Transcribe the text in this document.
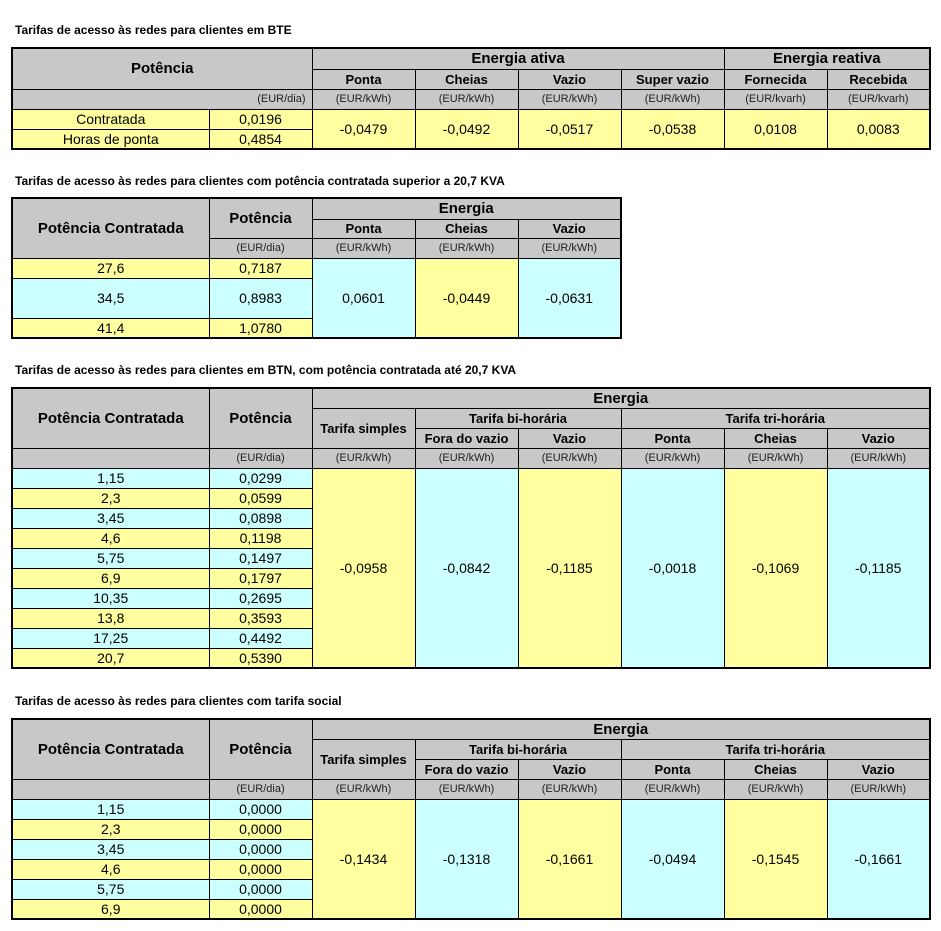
Tarifas de acesso às redes para clientes em BTE
Potência		Energia ativa				Energia reativa	
		Ponta	Cheias	Vazio	Super vazio	Fornecida	Recebida
	(EUR/dia)	(EUR/kWh)	(EUR/kWh)	(EUR/kWh)	(EUR/kWh)	(EUR/kvarh)	(EUR/kvarh)
Contratada	0,0196	-0,0479	-0,0492	-0,0517	-0,0538	0,0108	0,0083
Horas de ponta	0,4854						
Tarifas de acesso às redes para clientes com potência contratada superior a 20,7 KVA
Potência Contratada	Potência	Energia		
		Ponta	Cheias	Vazio
	(EUR/dia)	(EUR/kWh)	(EUR/kWh)	(EUR/kWh)
27,6	0,7187	0,0601	-0,0449	-0,0631
34,5	0,8983			
41,4	1,0780			
Tarifas de acesso às redes para clientes em BTN, com potência contratada até 20,7 KVA
Potência Contratada	Potência	Energia					
		Tarifa simples	Tarifa bi-horária		Tarifa tri-horária		
			Fora do vazio	Vazio	Ponta	Cheias	Vazio
	(EUR/dia)	(EUR/kWh)	(EUR/kWh)	(EUR/kWh)	(EUR/kWh)	(EUR/kWh)	(EUR/kWh)
1,15	0,0299	-0,0958	-0,0842	-0,1185	-0,0018	-0,1069	-0,1185
2,3	0,0599						
3,45	0,0898						
4,6	0,1198						
5,75	0,1497						
6,9	0,1797						
10,35	0,2695						
13,8	0,3593						
17,25	0,4492						
20,7	0,5390						
Tarifas de acesso às redes para clientes com tarifa social
Potência Contratada	Potência	Energia					
		Tarifa simples	Tarifa bi-horária		Tarifa tri-horária		
			Fora do vazio	Vazio	Ponta	Cheias	Vazio
	(EUR/dia)	(EUR/kWh)	(EUR/kWh)	(EUR/kWh)	(EUR/kWh)	(EUR/kWh)	(EUR/kWh)
1,15	0,0000	-0,1434	-0,1318	-0,1661	-0,0494	-0,1545	-0,1661
2,3	0,0000						
3,45	0,0000						
4,6	0,0000						
5,75	0,0000						
6,9	0,0000						
